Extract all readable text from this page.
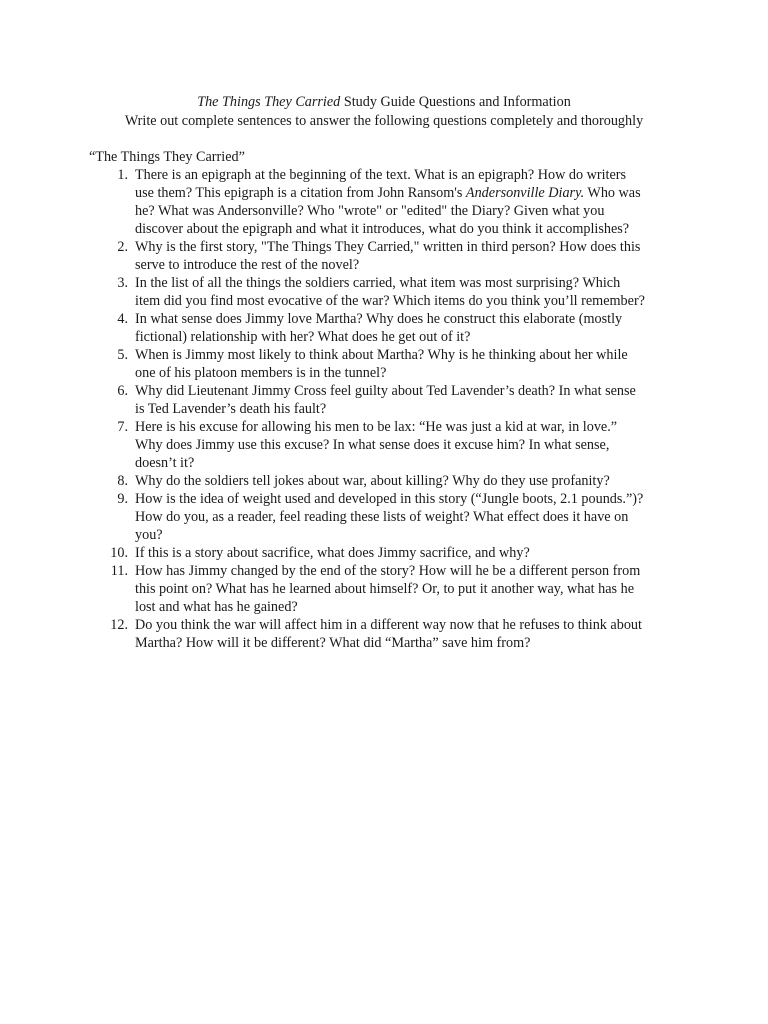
The Things They Carried Study Guide Questions and Information
Write out complete sentences to answer the following questions completely and thoroughly
“The Things They Carried”
1. There is an epigraph at the beginning of the text. What is an epigraph? How do writers
use them? This epigraph is a citation from John Ransom's Andersonville Diary. Who was
he? What was Andersonville? Who "wrote" or "edited" the Diary? Given what you
discover about the epigraph and what it introduces, what do you think it accomplishes?
2. Why is the first story, "The Things They Carried," written in third person? How does this
serve to introduce the rest of the novel?
3. In the list of all the things the soldiers carried, what item was most surprising? Which
item did you find most evocative of the war? Which items do you think you’ll remember?
4. In what sense does Jimmy love Martha? Why does he construct this elaborate (mostly
fictional) relationship with her? What does he get out of it?
5. When is Jimmy most likely to think about Martha? Why is he thinking about her while
one of his platoon members is in the tunnel?
6. Why did Lieutenant Jimmy Cross feel guilty about Ted Lavender’s death? In what sense
is Ted Lavender’s death his fault?
7. Here is his excuse for allowing his men to be lax: “He was just a kid at war, in love.”
Why does Jimmy use this excuse? In what sense does it excuse him? In what sense,
doesn’t it?
8. Why do the soldiers tell jokes about war, about killing? Why do they use profanity?
9. How is the idea of weight used and developed in this story (“Jungle boots, 2.1 pounds.”)?
How do you, as a reader, feel reading these lists of weight? What effect does it have on
you?
10. If this is a story about sacrifice, what does Jimmy sacrifice, and why?
11. How has Jimmy changed by the end of the story? How will he be a different person from
this point on? What has he learned about himself? Or, to put it another way, what has he
lost and what has he gained?
12. Do you think the war will affect him in a different way now that he refuses to think about
Martha? How will it be different? What did “Martha” save him from?
